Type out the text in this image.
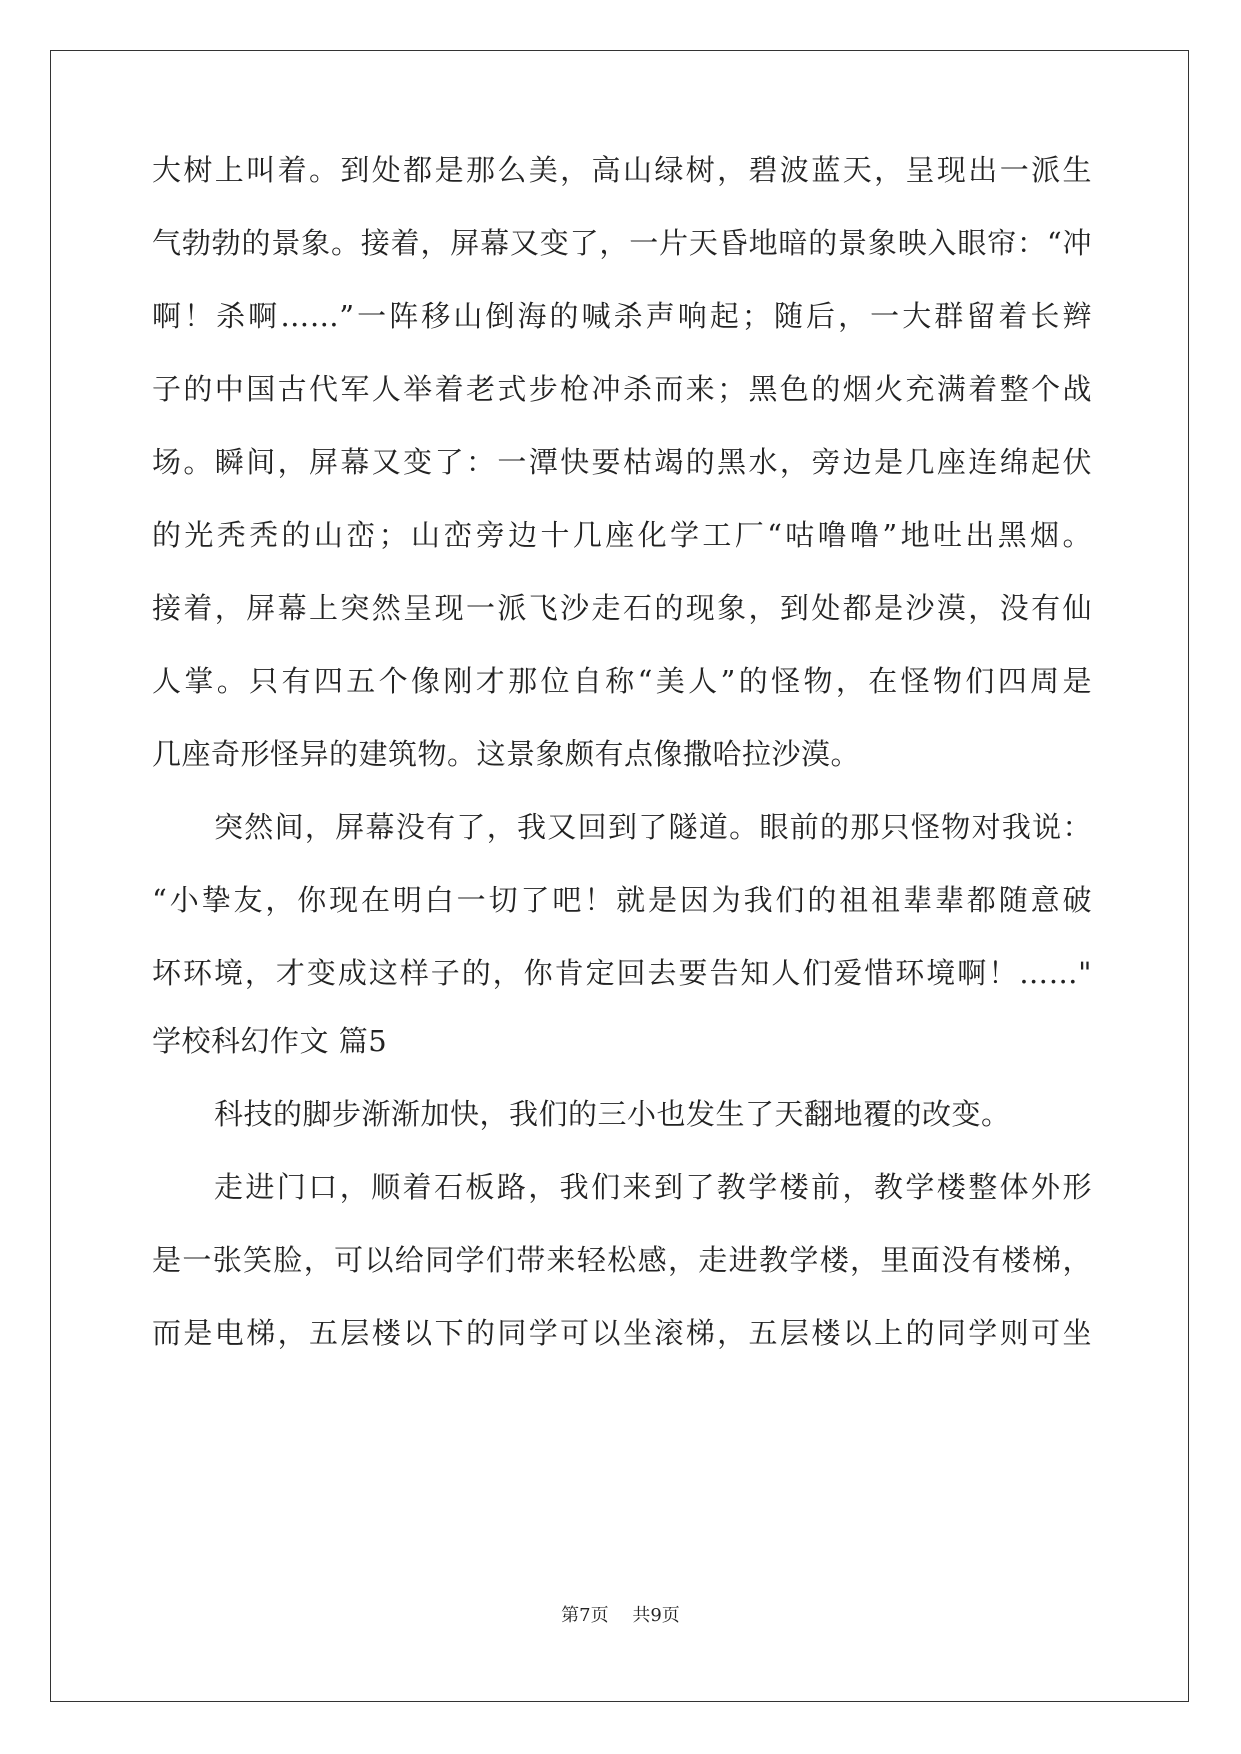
大树上叫着。到处都是那么美，高山绿树，碧波蓝天，呈现出一派生
气勃勃的景象。接着，屏幕又变了，一片天昏地暗的景象映入眼帘：“冲
啊！杀啊……”一阵移山倒海的喊杀声响起；随后，一大群留着长辫
子的中国古代军人举着老式步枪冲杀而来；黑色的烟火充满着整个战
场。瞬间，屏幕又变了：一潭快要枯竭的黑水，旁边是几座连绵起伏
的光秃秃的山峦；山峦旁边十几座化学工厂“咕噜噜”地吐出黑烟。
接着，屏幕上突然呈现一派飞沙走石的现象，到处都是沙漠，没有仙
人掌。只有四五个像刚才那位自称“美人”的怪物，在怪物们四周是
几座奇形怪异的建筑物。这景象颇有点像撒哈拉沙漠。
突然间，屏幕没有了，我又回到了隧道。眼前的那只怪物对我说：
“小挚友，你现在明白一切了吧！就是因为我们的祖祖辈辈都随意破
坏环境，才变成这样子的，你肯定回去要告知人们爱惜环境啊！……"
学校科幻作文 篇5
科技的脚步渐渐加快，我们的三小也发生了天翻地覆的改变。
走进门口，顺着石板路，我们来到了教学楼前，教学楼整体外形
是一张笑脸，可以给同学们带来轻松感，走进教学楼，里面没有楼梯，
而是电梯，五层楼以下的同学可以坐滚梯，五层楼以上的同学则可坐
第7页 共9页
